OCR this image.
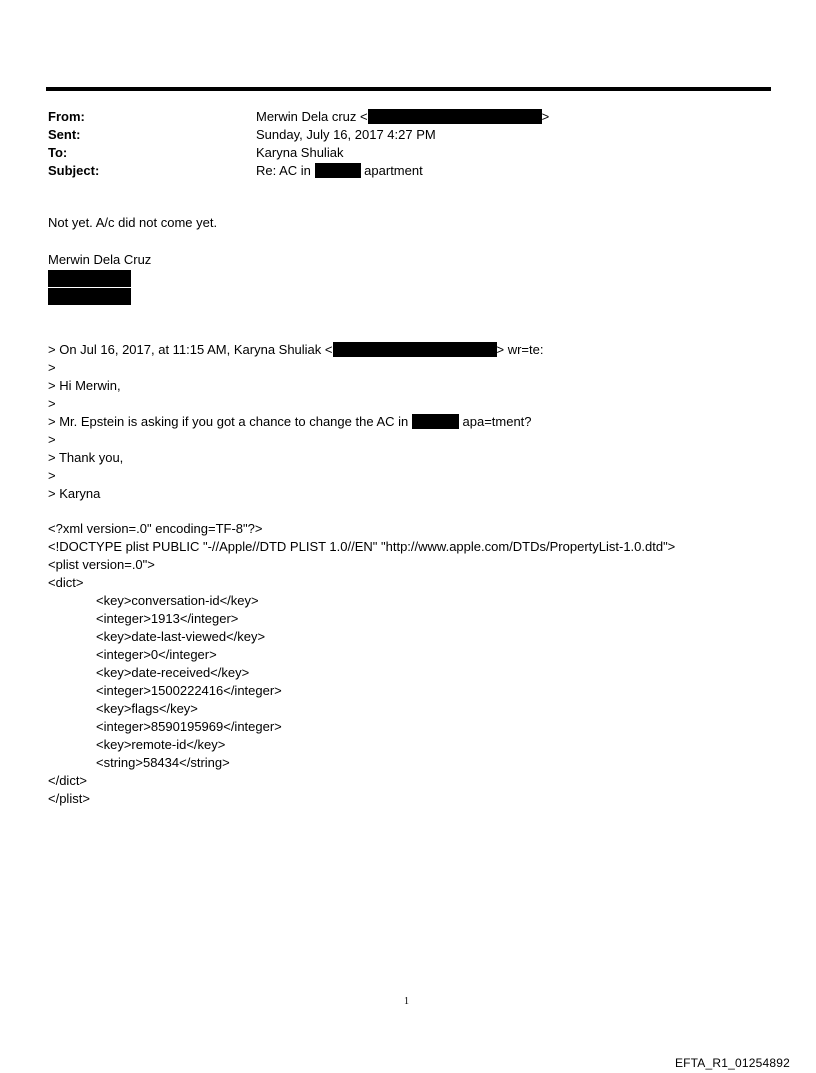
From:	Merwin Dela cruz <	>
Sent:	Sunday, July 16, 2017 4:27 PM
To:	Karyna Shuliak
Subject:	Re: AC in	apartment
Not yet. A/c did not come yet.
Merwin Dela Cruz
> On Jul 16, 2017, at 11:15 AM, Karyna Shuliak <	> wr=te:
>
> Hi Merwin,
>
> Mr. Epstein is asking if you got a chance to change the AC in	apa=tment?
>
> Thank you,
>
> Karyna
<?xml version=.0" encoding=TF-8"?>
<!DOCTYPE plist PUBLIC "-//Apple//DTD PLIST 1.0//EN" "http://www.apple.com/DTDs/PropertyList-1.0.dtd">
<plist version=.0">
<dict>
<key>conversation-id</key>
<integer>1913</integer>
<key>date-last-viewed</key>
<integer>0</integer>
<key>date-received</key>
<integer>1500222416</integer>
<key>flags</key>
<integer>8590195969</integer>
<key>remote-id</key>
<string>58434</string>
</dict>
</plist>
1
EFTA_R1_01254892
